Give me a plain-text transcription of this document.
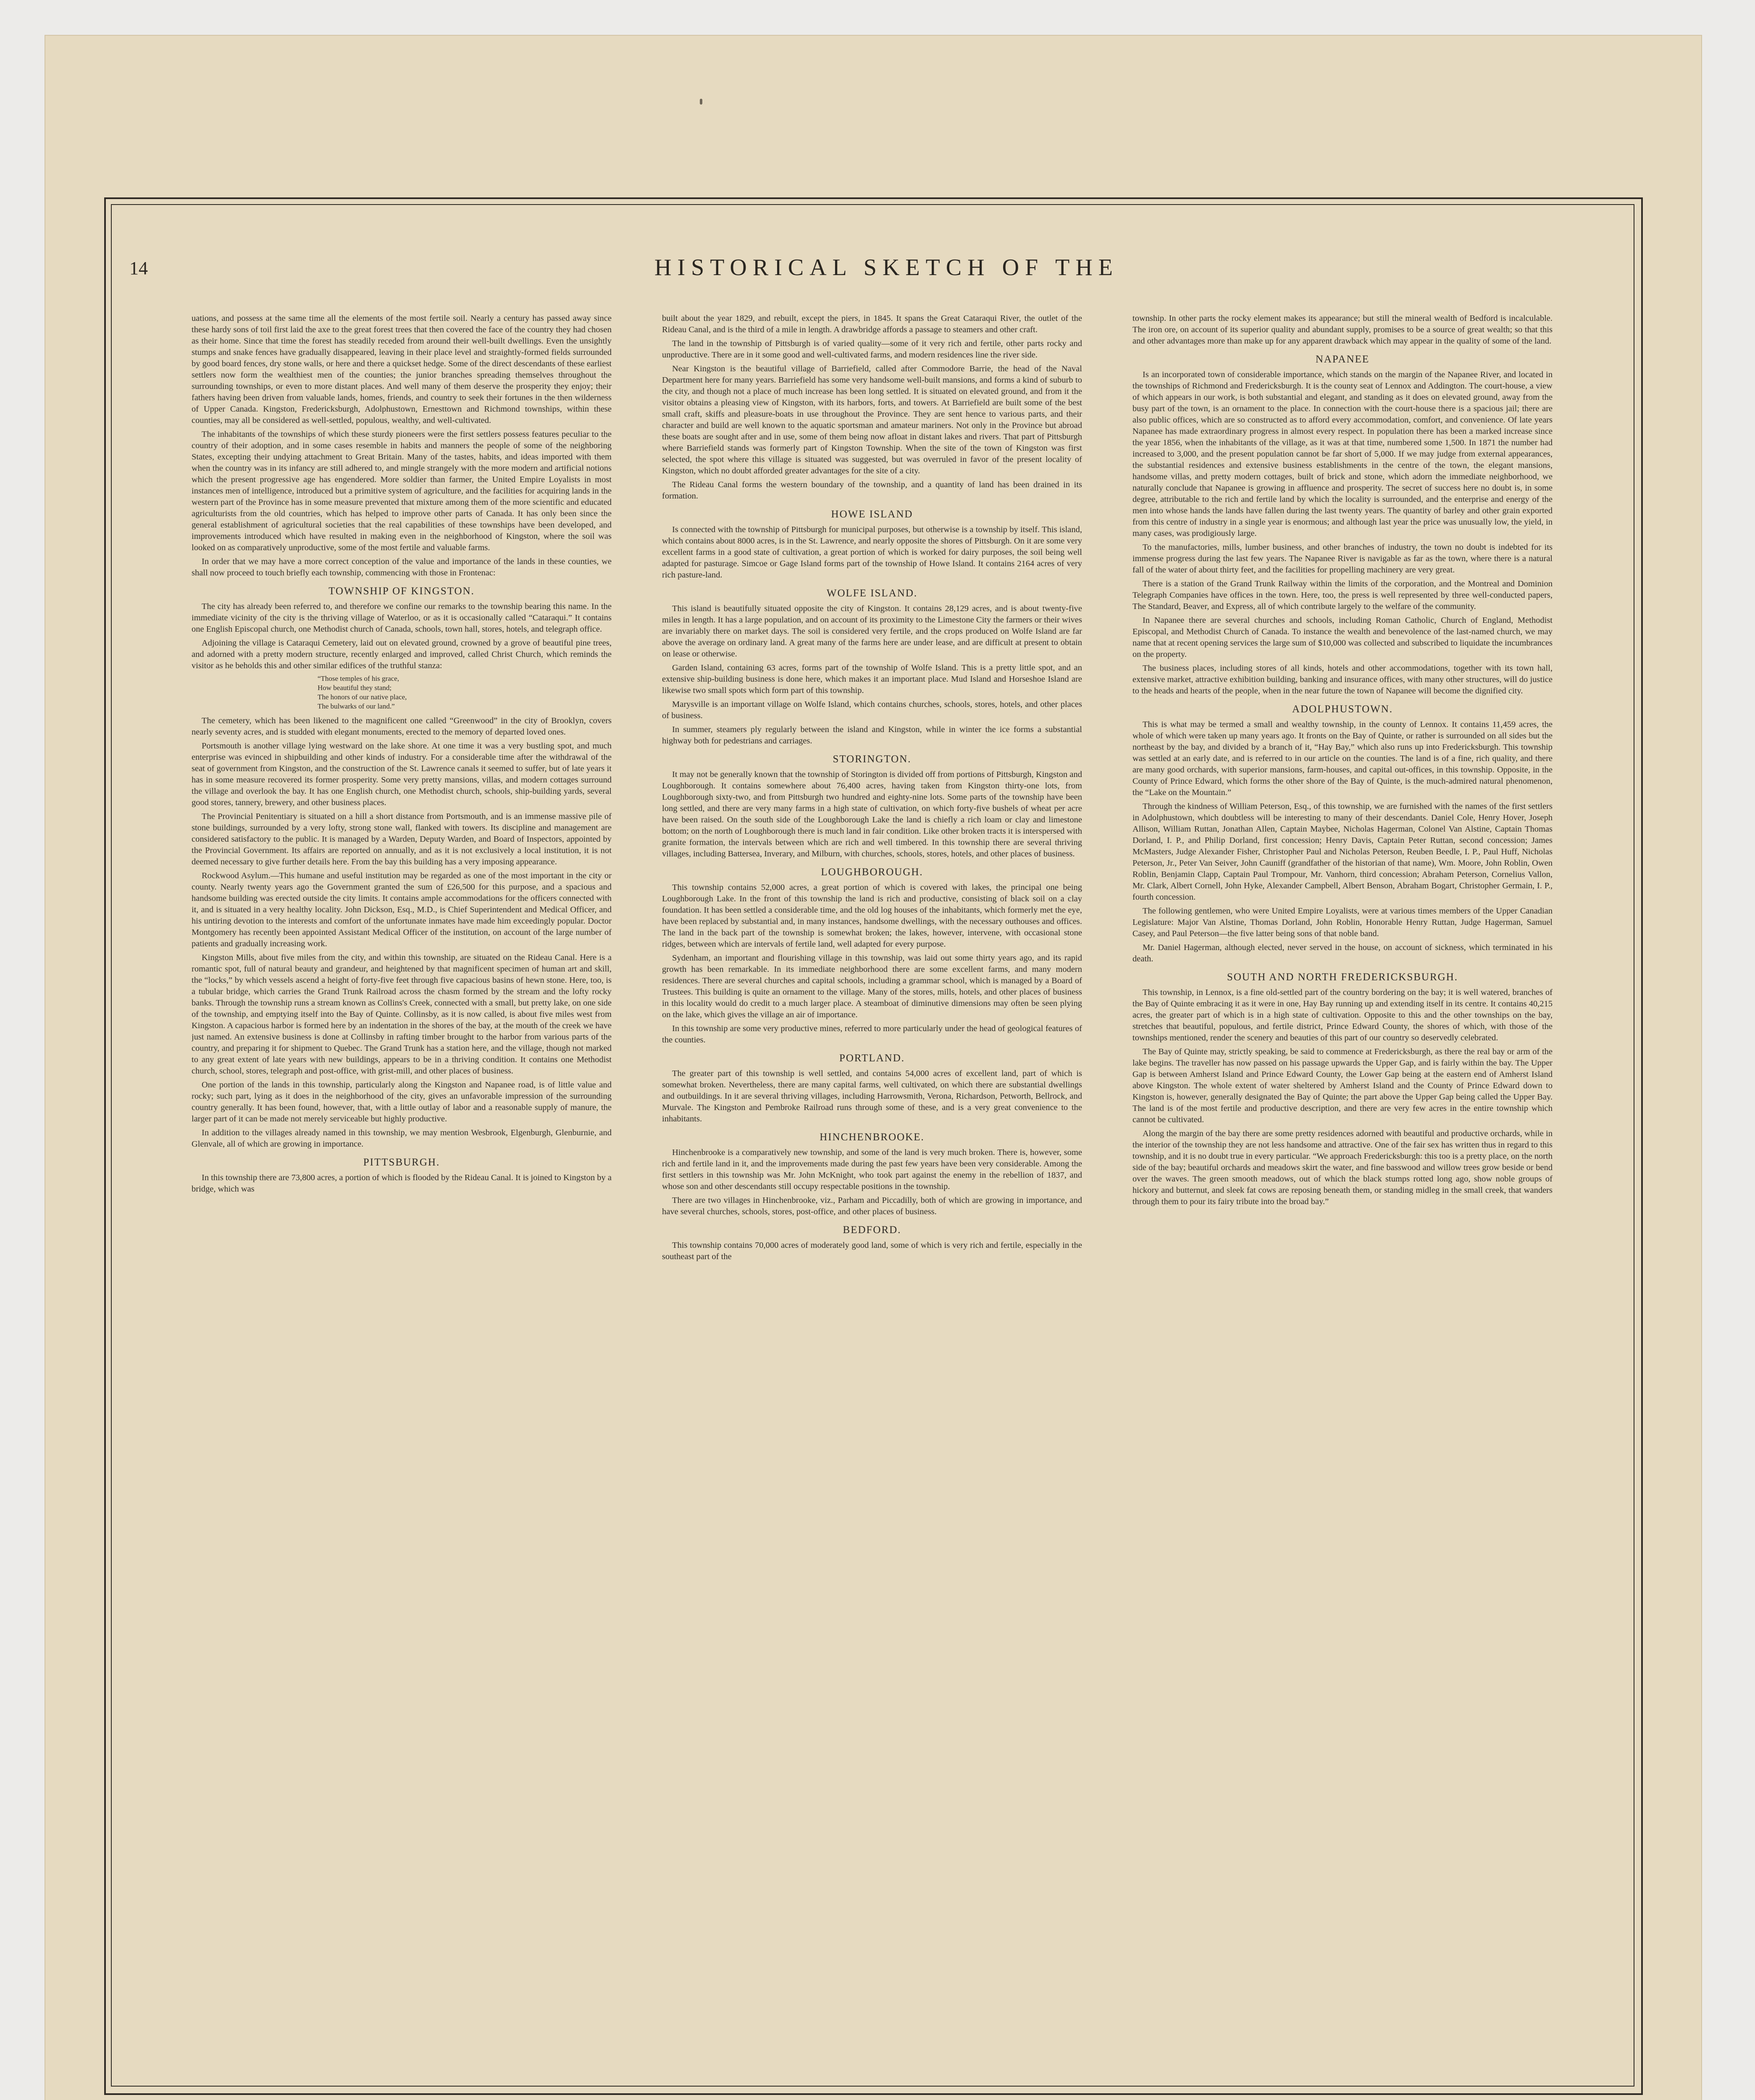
14	HISTORICAL SKETCH OF THE

uations, and possess at the same time all the elements of the most fertile soil. Nearly a century has passed away since these hardy sons of toil first laid the axe to the great forest trees that then covered the face of the country they had chosen as their home. Since that time the forest has steadily receded from around their well-built dwellings. Even the unsightly stumps and snake fences have gradually disappeared, leaving in their place level and straightly-formed fields surrounded by good board fences, dry stone walls, or here and there a quickset hedge. Some of the direct descendants of these earliest settlers now form the wealthiest men of the counties; the junior branches spreading themselves throughout the surrounding townships, or even to more distant places. And well many of them deserve the prosperity they enjoy; their fathers having been driven from valuable lands, homes, friends, and country to seek their fortunes in the then wilderness of Upper Canada. Kingston, Fredericksburgh, Adolphustown, Ernesttown and Richmond townships, within these counties, may all be considered as well-settled, populous, wealthy, and well-cultivated.

The inhabitants of the townships of which these sturdy pioneers were the first settlers possess features peculiar to the country of their adoption, and in some cases resemble in habits and manners the people of some of the neighboring States, excepting their undying attachment to Great Britain. Many of the tastes, habits, and ideas imported with them when the country was in its infancy are still adhered to, and mingle strangely with the more modern and artificial notions which the present progressive age has engendered. More soldier than farmer, the United Empire Loyalists in most instances men of intelligence, introduced but a primitive system of agriculture, and the facilities for acquiring lands in the western part of the Province has in some measure prevented that mixture among them of the more scientific and educated agriculturists from the old countries, which has helped to improve other parts of Canada. It has only been since the general establishment of agricultural societies that the real capabilities of these townships have been developed, and improvements introduced which have resulted in making even in the neighborhood of Kingston, where the soil was looked on as comparatively unproductive, some of the most fertile and valuable farms.

In order that we may have a more correct conception of the value and importance of the lands in these counties, we shall now proceed to touch briefly each township, commencing with those in Frontenac:

TOWNSHIP OF KINGSTON.

The city has already been referred to, and therefore we confine our remarks to the township bearing this name. In the immediate vicinity of the city is the thriving village of Waterloo, or as it is occasionally called “Cataraqui.” It contains one English Episcopal church, one Methodist church of Canada, schools, town hall, stores, hotels, and telegraph office.

Adjoining the village is Cataraqui Cemetery, laid out on elevated ground, crowned by a grove of beautiful pine trees, and adorned with a pretty modern structure, recently enlarged and improved, called Christ Church, which reminds the visitor as he beholds this and other similar edifices of the truthful stanza:

“Those temples of his grace,
How beautiful they stand;
The honors of our native place,
The bulwarks of our land.”

The cemetery, which has been likened to the magnificent one called “Greenwood” in the city of Brooklyn, covers nearly seventy acres, and is studded with elegant monuments, erected to the memory of departed loved ones.

Portsmouth is another village lying westward on the lake shore. At one time it was a very bustling spot, and much enterprise was evinced in shipbuilding and other kinds of industry. For a considerable time after the withdrawal of the seat of government from Kingston, and the construction of the St. Lawrence canals it seemed to suffer, but of late years it has in some measure recovered its former prosperity. Some very pretty mansions, villas, and modern cottages surround the village and overlook the bay. It has one English church, one Methodist church, schools, ship-building yards, several good stores, tannery, brewery, and other business places.

The Provincial Penitentiary is situated on a hill a short distance from Portsmouth, and is an immense massive pile of stone buildings, surrounded by a very lofty, strong stone wall, flanked with towers. Its discipline and management are considered satisfactory to the public. It is managed by a Warden, Deputy Warden, and Board of Inspectors, appointed by the Provincial Government. Its affairs are reported on annually, and as it is not exclusively a local institution, it is not deemed necessary to give further details here. From the bay this building has a very imposing appearance.

Rockwood Asylum.—This humane and useful institution may be regarded as one of the most important in the city or county. Nearly twenty years ago the Government granted the sum of £26,500 for this purpose, and a spacious and handsome building was erected outside the city limits. It contains ample accommodations for the officers connected with it, and is situated in a very healthy locality. John Dickson, Esq., M.D., is Chief Superintendent and Medical Officer, and his untiring devotion to the interests and comfort of the unfortunate inmates have made him exceedingly popular. Doctor Montgomery has recently been appointed Assistant Medical Officer of the institution, on account of the large number of patients and gradually increasing work.

Kingston Mills, about five miles from the city, and within this township, are situated on the Rideau Canal. Here is a romantic spot, full of natural beauty and grandeur, and heightened by that magnificent specimen of human art and skill, the “locks,” by which vessels ascend a height of forty-five feet through five capacious basins of hewn stone. Here, too, is a tubular bridge, which carries the Grand Trunk Railroad across the chasm formed by the stream and the lofty rocky banks. Through the township runs a stream known as Collins's Creek, connected with a small, but pretty lake, on one side of the township, and emptying itself into the Bay of Quinte. Collinsby, as it is now called, is about five miles west from Kingston. A capacious harbor is formed here by an indentation in the shores of the bay, at the mouth of the creek we have just named. An extensive business is done at Collinsby in rafting timber brought to the harbor from various parts of the country, and preparing it for shipment to Quebec. The Grand Trunk has a station here, and the village, though not marked to any great extent of late years with new buildings, appears to be in a thriving condition. It contains one Methodist church, school, stores, telegraph and post-office, with grist-mill, and other places of business.

One portion of the lands in this township, particularly along the Kingston and Napanee road, is of little value and rocky; such part, lying as it does in the neighborhood of the city, gives an unfavorable impression of the surrounding country generally. It has been found, however, that, with a little outlay of labor and a reasonable supply of manure, the larger part of it can be made not merely serviceable but highly productive.

In addition to the villages already named in this township, we may mention Wesbrook, Elgenburgh, Glenburnie, and Glenvale, all of which are growing in importance.

PITTSBURGH.

In this township there are 73,800 acres, a portion of which is flooded by the Rideau Canal. It is joined to Kingston by a bridge, which was

built about the year 1829, and rebuilt, except the piers, in 1845. It spans the Great Cataraqui River, the outlet of the Rideau Canal, and is the third of a mile in length. A drawbridge affords a passage to steamers and other craft.

The land in the township of Pittsburgh is of varied quality—some of it very rich and fertile, other parts rocky and unproductive. There are in it some good and well-cultivated farms, and modern residences line the river side.

Near Kingston is the beautiful village of Barriefield, called after Commodore Barrie, the head of the Naval Department here for many years. Barriefield has some very handsome well-built mansions, and forms a kind of suburb to the city, and though not a place of much increase has been long settled. It is situated on elevated ground, and from it the visitor obtains a pleasing view of Kingston, with its harbors, forts, and towers. At Barriefield are built some of the best small craft, skiffs and pleasure-boats in use throughout the Province. They are sent hence to various parts, and their character and build are well known to the aquatic sportsman and amateur mariners. Not only in the Province but abroad these boats are sought after and in use, some of them being now afloat in distant lakes and rivers. That part of Pittsburgh where Barriefield stands was formerly part of Kingston Township. When the site of the town of Kingston was first selected, the spot where this village is situated was suggested, but was overruled in favor of the present locality of Kingston, which no doubt afforded greater advantages for the site of a city.

The Rideau Canal forms the western boundary of the township, and a quantity of land has been drained in its formation.

HOWE ISLAND

Is connected with the township of Pittsburgh for municipal purposes, but otherwise is a township by itself. This island, which contains about 8000 acres, is in the St. Lawrence, and nearly opposite the shores of Pittsburgh. On it are some very excellent farms in a good state of cultivation, a great portion of which is worked for dairy purposes, the soil being well adapted for pasturage. Simcoe or Gage Island forms part of the township of Howe Island. It contains 2164 acres of very rich pasture-land.

WOLFE ISLAND.

This island is beautifully situated opposite the city of Kingston. It contains 28,129 acres, and is about twenty-five miles in length. It has a large population, and on account of its proximity to the Limestone City the farmers or their wives are invariably there on market days. The soil is considered very fertile, and the crops produced on Wolfe Island are far above the average on ordinary land. A great many of the farms here are under lease, and are difficult at present to obtain on lease or otherwise.

Garden Island, containing 63 acres, forms part of the township of Wolfe Island. This is a pretty little spot, and an extensive ship-building business is done here, which makes it an important place. Mud Island and Horseshoe Island are likewise two small spots which form part of this township.

Marysville is an important village on Wolfe Island, which contains churches, schools, stores, hotels, and other places of business.

In summer, steamers ply regularly between the island and Kingston, while in winter the ice forms a substantial highway both for pedestrians and carriages.

STORINGTON.

It may not be generally known that the township of Storington is divided off from portions of Pittsburgh, Kingston and Loughborough. It contains somewhere about 76,400 acres, having taken from Kingston thirty-one lots, from Loughborough sixty-two, and from Pittsburgh two hundred and eighty-nine lots. Some parts of the township have been long settled, and there are very many farms in a high state of cultivation, on which forty-five bushels of wheat per acre have been raised. On the south side of the Loughborough Lake the land is chiefly a rich loam or clay and limestone bottom; on the north of Loughborough there is much land in fair condition. Like other broken tracts it is interspersed with granite formation, the intervals between which are rich and well timbered. In this township there are several thriving villages, including Battersea, Inverary, and Milburn, with churches, schools, stores, hotels, and other places of business.

LOUGHBOROUGH.

This township contains 52,000 acres, a great portion of which is covered with lakes, the principal one being Loughborough Lake. In the front of this township the land is rich and productive, consisting of black soil on a clay foundation. It has been settled a considerable time, and the old log houses of the inhabitants, which formerly met the eye, have been replaced by substantial and, in many instances, handsome dwellings, with the necessary outhouses and offices. The land in the back part of the township is somewhat broken; the lakes, however, intervene, with occasional stone ridges, between which are intervals of fertile land, well adapted for every purpose.

Sydenham, an important and flourishing village in this township, was laid out some thirty years ago, and its rapid growth has been remarkable. In its immediate neighborhood there are some excellent farms, and many modern residences. There are several churches and capital schools, including a grammar school, which is managed by a Board of Trustees. This building is quite an ornament to the village. Many of the stores, mills, hotels, and other places of business in this locality would do credit to a much larger place. A steamboat of diminutive dimensions may often be seen plying on the lake, which gives the village an air of importance.

In this township are some very productive mines, referred to more particularly under the head of geological features of the counties.

PORTLAND.

The greater part of this township is well settled, and contains 54,000 acres of excellent land, part of which is somewhat broken. Nevertheless, there are many capital farms, well cultivated, on which there are substantial dwellings and outbuildings. In it are several thriving villages, including Harrowsmith, Verona, Richardson, Petworth, Bellrock, and Murvale. The Kingston and Pembroke Railroad runs through some of these, and is a very great convenience to the inhabitants.

HINCHENBROOKE.

Hinchenbrooke is a comparatively new township, and some of the land is very much broken. There is, however, some rich and fertile land in it, and the improvements made during the past few years have been very considerable. Among the first settlers in this township was Mr. John McKnight, who took part against the enemy in the rebellion of 1837, and whose son and other descendants still occupy respectable positions in the township.

There are two villages in Hinchenbrooke, viz., Parham and Piccadilly, both of which are growing in importance, and have several churches, schools, stores, post-office, and other places of business.

BEDFORD.

This township contains 70,000 acres of moderately good land, some of which is very rich and fertile, especially in the southeast part of the

township. In other parts the rocky element makes its appearance; but still the mineral wealth of Bedford is incalculable. The iron ore, on account of its superior quality and abundant supply, promises to be a source of great wealth; so that this and other advantages more than make up for any apparent drawback which may appear in the quality of some of the land.

NAPANEE

Is an incorporated town of considerable importance, which stands on the margin of the Napanee River, and located in the townships of Richmond and Fredericksburgh. It is the county seat of Lennox and Addington. The court-house, a view of which appears in our work, is both substantial and elegant, and standing as it does on elevated ground, away from the busy part of the town, is an ornament to the place. In connection with the court-house there is a spacious jail; there are also public offices, which are so constructed as to afford every accommodation, comfort, and convenience. Of late years Napanee has made extraordinary progress in almost every respect. In population there has been a marked increase since the year 1856, when the inhabitants of the village, as it was at that time, numbered some 1,500. In 1871 the number had increased to 3,000, and the present population cannot be far short of 5,000. If we may judge from external appearances, the substantial residences and extensive business establishments in the centre of the town, the elegant mansions, handsome villas, and pretty modern cottages, built of brick and stone, which adorn the immediate neighborhood, we naturally conclude that Napanee is growing in affluence and prosperity. The secret of success here no doubt is, in some degree, attributable to the rich and fertile land by which the locality is surrounded, and the enterprise and energy of the men into whose hands the lands have fallen during the last twenty years. The quantity of barley and other grain exported from this centre of industry in a single year is enormous; and although last year the price was unusually low, the yield, in many cases, was prodigiously large.

To the manufactories, mills, lumber business, and other branches of industry, the town no doubt is indebted for its immense progress during the last few years. The Napanee River is navigable as far as the town, where there is a natural fall of the water of about thirty feet, and the facilities for propelling machinery are very great.

There is a station of the Grand Trunk Railway within the limits of the corporation, and the Montreal and Dominion Telegraph Companies have offices in the town. Here, too, the press is well represented by three well-conducted papers, The Standard, Beaver, and Express, all of which contribute largely to the welfare of the community.

In Napanee there are several churches and schools, including Roman Catholic, Church of England, Methodist Episcopal, and Methodist Church of Canada. To instance the wealth and benevolence of the last-named church, we may name that at recent opening services the large sum of $10,000 was collected and subscribed to liquidate the incumbrances on the property.

The business places, including stores of all kinds, hotels and other accommodations, together with its town hall, extensive market, attractive exhibition building, banking and insurance offices, with many other structures, will do justice to the heads and hearts of the people, when in the near future the town of Napanee will become the dignified city.

ADOLPHUSTOWN.

This is what may be termed a small and wealthy township, in the county of Lennox. It contains 11,459 acres, the whole of which were taken up many years ago. It fronts on the Bay of Quinte, or rather is surrounded on all sides but the northeast by the bay, and divided by a branch of it, “Hay Bay,” which also runs up into Fredericksburgh. This township was settled at an early date, and is referred to in our article on the counties. The land is of a fine, rich quality, and there are many good orchards, with superior mansions, farm-houses, and capital out-offices, in this township. Opposite, in the County of Prince Edward, which forms the other shore of the Bay of Quinte, is the much-admired natural phenomenon, the “Lake on the Mountain.”

Through the kindness of William Peterson, Esq., of this township, we are furnished with the names of the first settlers in Adolphustown, which doubtless will be interesting to many of their descendants. Daniel Cole, Henry Hover, Joseph Allison, William Ruttan, Jonathan Allen, Captain Maybee, Nicholas Hagerman, Colonel Van Alstine, Captain Thomas Dorland, I. P., and Philip Dorland, first concession; Henry Davis, Captain Peter Ruttan, second concession; James McMasters, Judge Alexander Fisher, Christopher Paul and Nicholas Peterson, Reuben Beedle, I. P., Paul Huff, Nicholas Peterson, Jr., Peter Van Seiver, John Cauniff (grandfather of the historian of that name), Wm. Moore, John Roblin, Owen Roblin, Benjamin Clapp, Captain Paul Trompour, Mr. Vanhorn, third concession; Abraham Peterson, Cornelius Vallon, Mr. Clark, Albert Cornell, John Hyke, Alexander Campbell, Albert Benson, Abraham Bogart, Christopher Germain, I. P., fourth concession.

The following gentlemen, who were United Empire Loyalists, were at various times members of the Upper Canadian Legislature: Major Van Alstine, Thomas Dorland, John Roblin, Honorable Henry Ruttan, Judge Hagerman, Samuel Casey, and Paul Peterson—the five latter being sons of that noble band.

Mr. Daniel Hagerman, although elected, never served in the house, on account of sickness, which terminated in his death.

SOUTH AND NORTH FREDERICKSBURGH.

This township, in Lennox, is a fine old-settled part of the country bordering on the bay; it is well watered, branches of the Bay of Quinte embracing it as it were in one, Hay Bay running up and extending itself in its centre. It contains 40,215 acres, the greater part of which is in a high state of cultivation. Opposite to this and the other townships on the bay, stretches that beautiful, populous, and fertile district, Prince Edward County, the shores of which, with those of the townships mentioned, render the scenery and beauties of this part of our country so deservedly celebrated.

The Bay of Quinte may, strictly speaking, be said to commence at Fredericksburgh, as there the real bay or arm of the lake begins. The traveller has now passed on his passage upwards the Upper Gap, and is fairly within the bay. The Upper Gap is between Amherst Island and Prince Edward County, the Lower Gap being at the eastern end of Amherst Island above Kingston. The whole extent of water sheltered by Amherst Island and the County of Prince Edward down to Kingston is, however, generally designated the Bay of Quinte; the part above the Upper Gap being called the Upper Bay. The land is of the most fertile and productive description, and there are very few acres in the entire township which cannot be cultivated.

Along the margin of the bay there are some pretty residences adorned with beautiful and productive orchards, while in the interior of the township they are not less handsome and attractive. One of the fair sex has written thus in regard to this township, and it is no doubt true in every particular. “We approach Fredericksburgh: this too is a pretty place, on the north side of the bay; beautiful orchards and meadows skirt the water, and fine basswood and willow trees grow beside or bend over the waves. The green smooth meadows, out of which the black stumps rotted long ago, show noble groups of hickory and butternut, and sleek fat cows are reposing beneath them, or standing midleg in the small creek, that wanders through them to pour its fairy tribute into the broad bay.”
